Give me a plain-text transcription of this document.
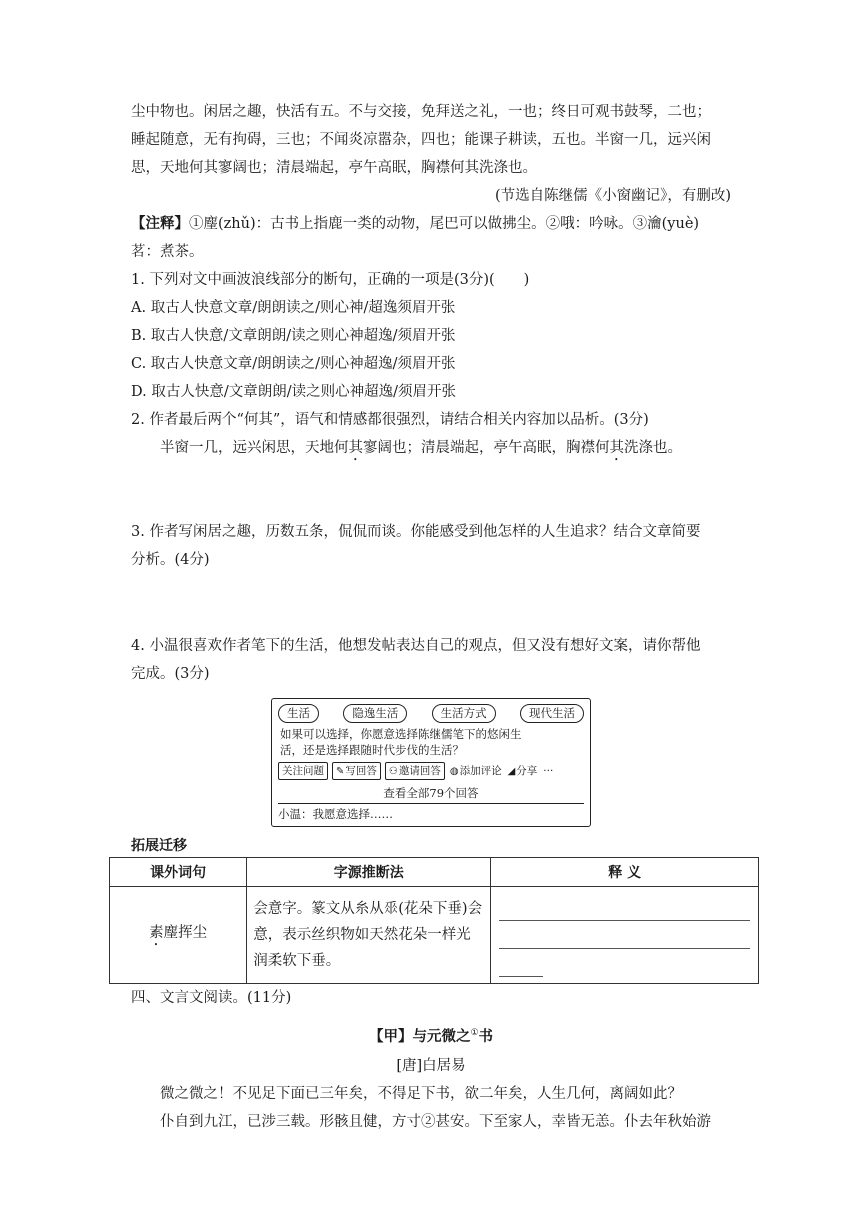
尘中物也。闲居之趣，快活有五。不与交接，免拜送之礼，一也；终日可观书鼓琴，二也；

睡起随意，无有拘碍，三也；不闻炎凉嚣杂，四也；能课子耕读，五也。半窗一几，远兴闲

思，天地何其寥阔也；清晨端起，亭午高眠，胸襟何其洗涤也。

(节选自陈继儒《小窗幽记》，有删改)

【注释】①麈(zhǔ)：古书上指鹿一类的动物，尾巴可以做拂尘。②哦：吟咏。③瀹(yuè)

茗：煮茶。

1. 下列对文中画波浪线部分的断句，正确的一项是(3分)(　　)

A. 取古人快意文章/朗朗读之/则心神/超逸须眉开张

B. 取古人快意/文章朗朗/读之则心神超逸/须眉开张

C. 取古人快意文章/朗朗读之/则心神超逸/须眉开张

D. 取古人快意/文章朗朗/读之则心神超逸/须眉开张

2. 作者最后两个“何其”，语气和情感都很强烈，请结合相关内容加以品析。(3分)

半窗一几，远兴闲思，天地何其寥阔也；清晨端起，亭午高眠，胸襟何其洗涤也。

3. 作者写闲居之趣，历数五条，侃侃而谈。你能感受到他怎样的人生追求？结合文章简要

分析。(4分)

4. 小温很喜欢作者笔下的生活，他想发帖表达自己的观点，但又没有想好文案，请你帮他

完成。(3分)

生活	隐逸生活	生活方式	现代生活
如果可以选择，你愿意选择陈继儒笔下的悠闲生
活，还是选择跟随时代步伐的生活？
关注问题	✎写回答	⚇邀请回答 ◍添加评论 ◢分享 ···
查看全部79个回答
小温：我愿意选择……

拓展迁移

课外词句	字源推断法	释 义
素麈挥尘	会意字。篆文从糸从𠂹(花朵下垂)会意，表示丝织物如天然花朵一样光润柔软下垂。	

四、文言文阅读。(11分)

【甲】与元微之①书

[唐]白居易

微之微之！不见足下面已三年矣，不得足下书，欲二年矣，人生几何，离阔如此？

仆自到九江，已涉三载。形骸且健，方寸②甚安。下至家人，幸皆无恙。仆去年秋始游
